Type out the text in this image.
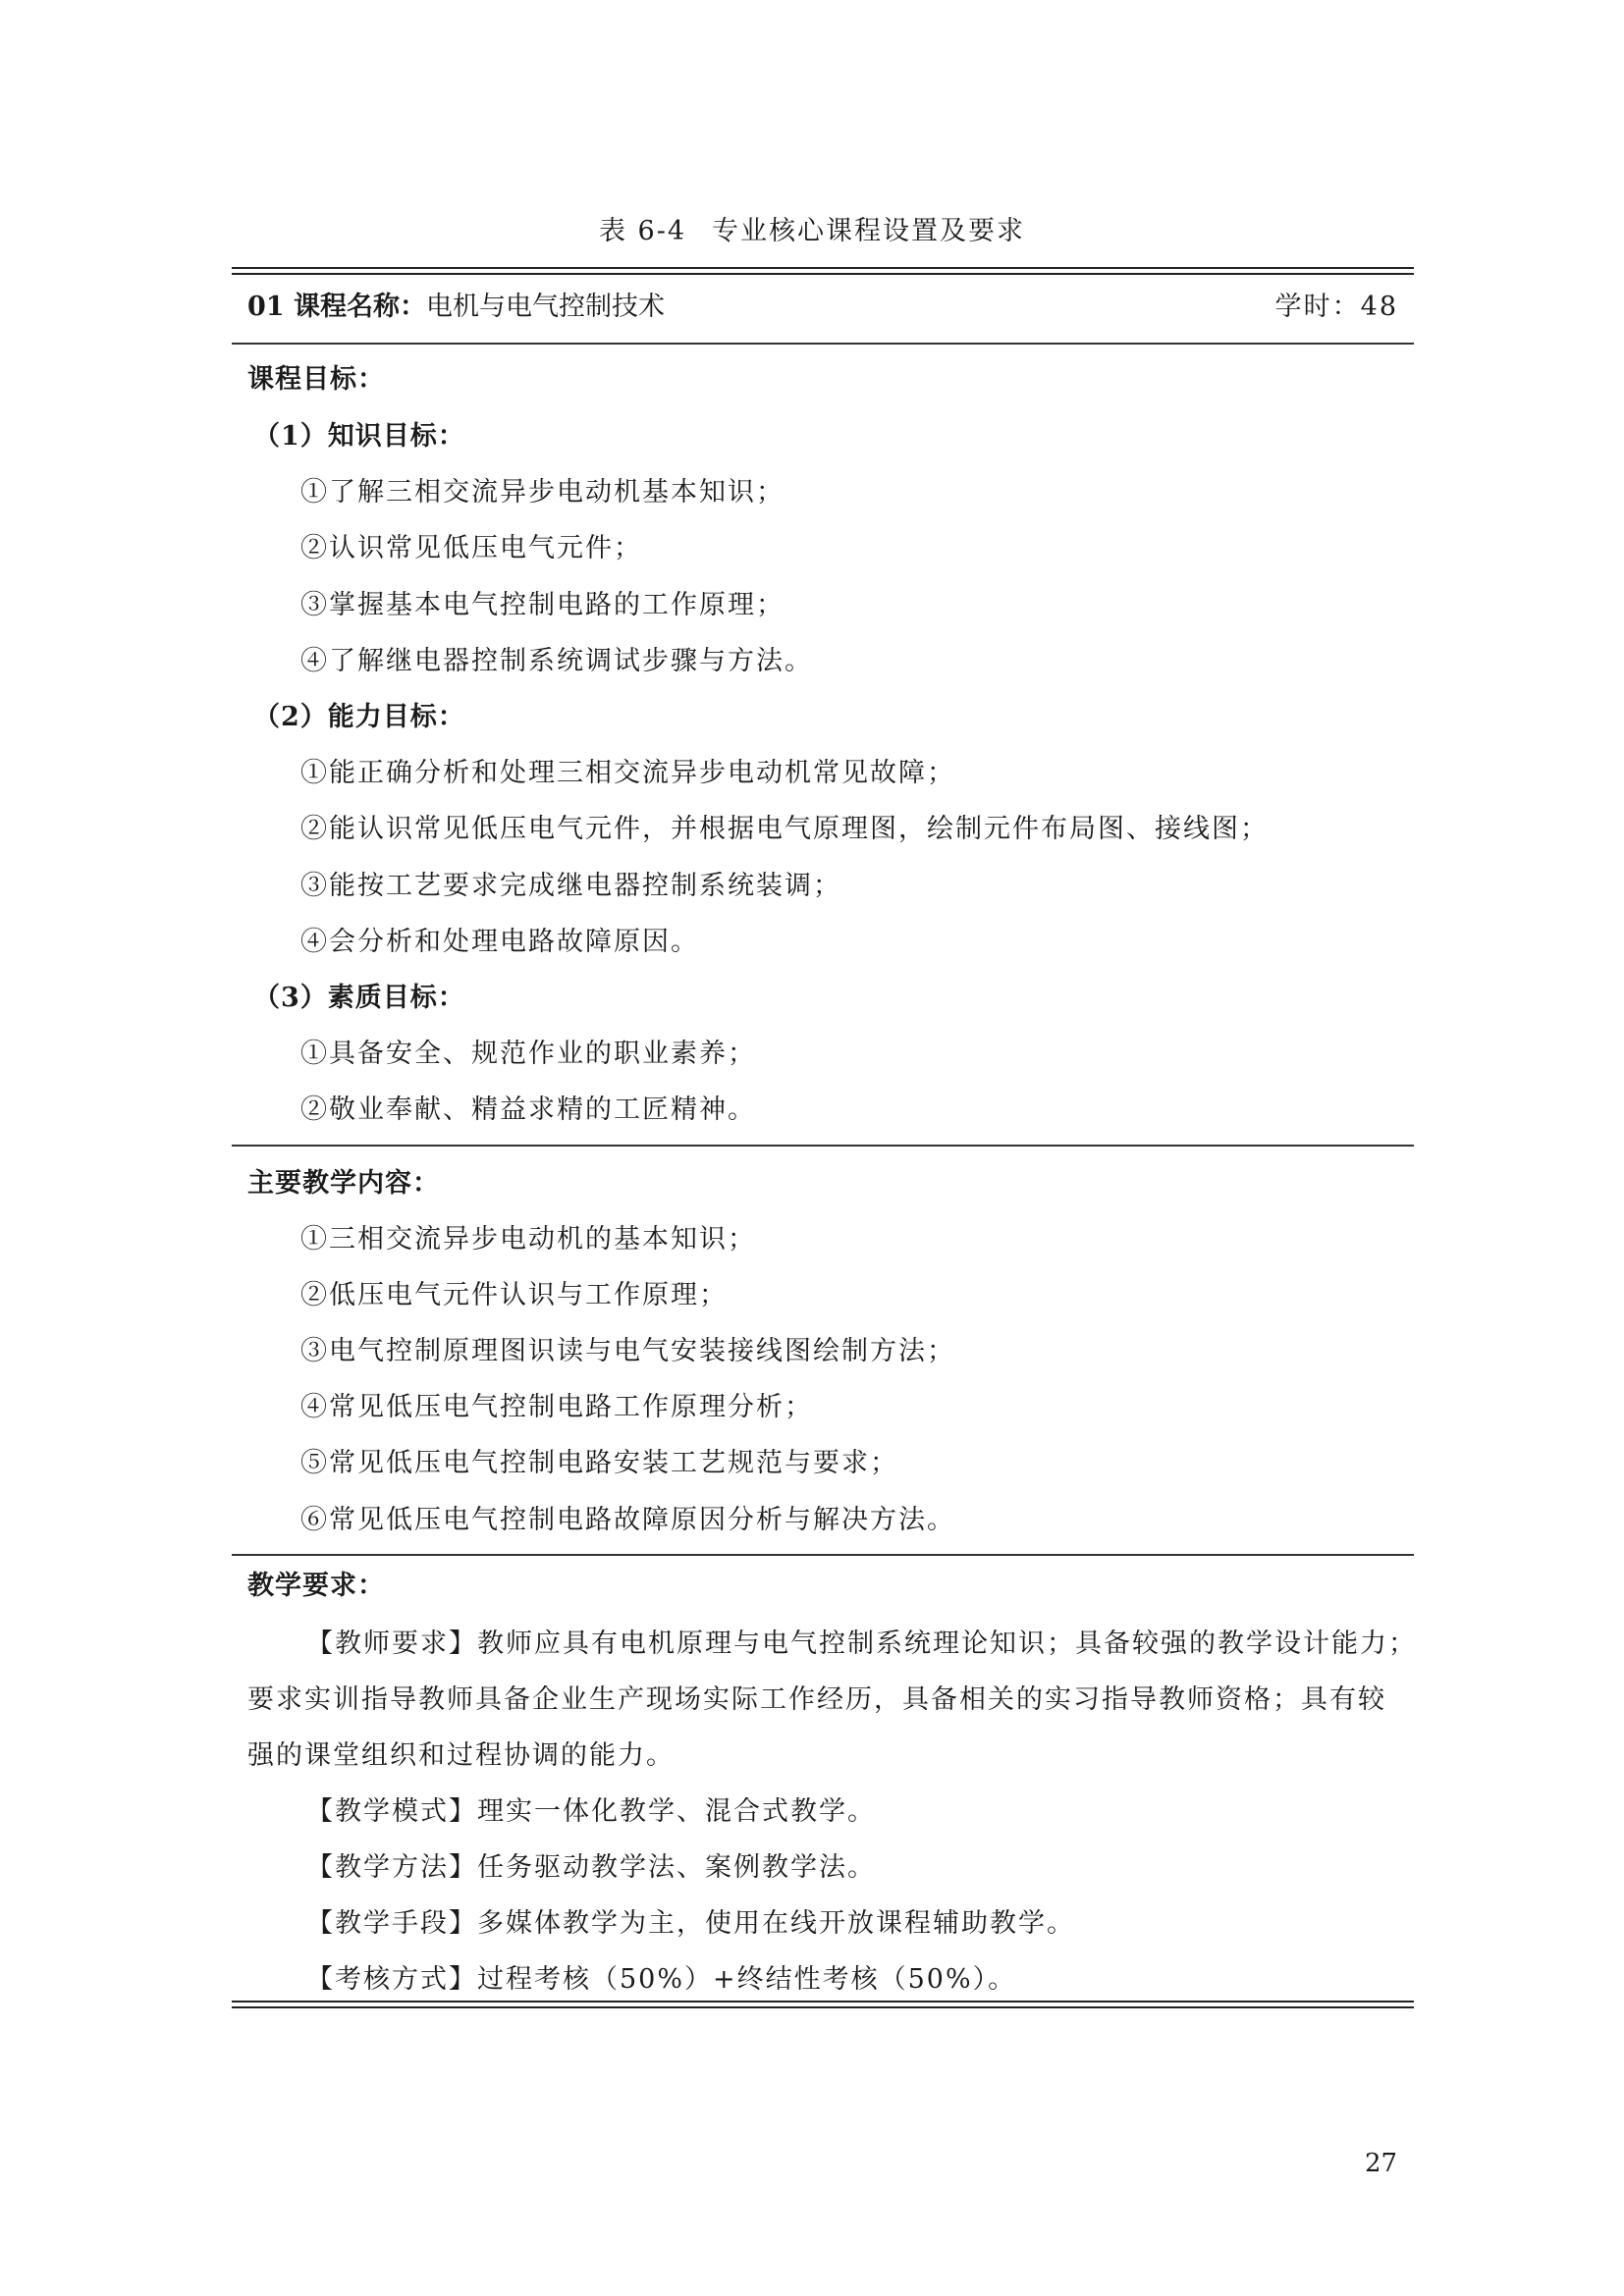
表 6-4 专业核心课程设置及要求
01 课程名称：电机与电气控制技术	学时：48
课程目标：
（1）知识目标：
①了解三相交流异步电动机基本知识；
②认识常见低压电气元件；
③掌握基本电气控制电路的工作原理；
④了解继电器控制系统调试步骤与方法。
（2）能力目标：
①能正确分析和处理三相交流异步电动机常见故障；
②能认识常见低压电气元件，并根据电气原理图，绘制元件布局图、接线图；
③能按工艺要求完成继电器控制系统装调；
④会分析和处理电路故障原因。
（3）素质目标：
①具备安全、规范作业的职业素养；
②敬业奉献、精益求精的工匠精神。
主要教学内容：
①三相交流异步电动机的基本知识；
②低压电气元件认识与工作原理；
③电气控制原理图识读与电气安装接线图绘制方法；
④常见低压电气控制电路工作原理分析；
⑤常见低压电气控制电路安装工艺规范与要求；
⑥常见低压电气控制电路故障原因分析与解决方法。
教学要求：
【教师要求】教师应具有电机原理与电气控制系统理论知识；具备较强的教学设计能力；
要求实训指导教师具备企业生产现场实际工作经历，具备相关的实习指导教师资格；具有较
强的课堂组织和过程协调的能力。
【教学模式】理实一体化教学、混合式教学。
【教学方法】任务驱动教学法、案例教学法。
【教学手段】多媒体教学为主，使用在线开放课程辅助教学。
【考核方式】过程考核（50%）+终结性考核（50%）。
27
